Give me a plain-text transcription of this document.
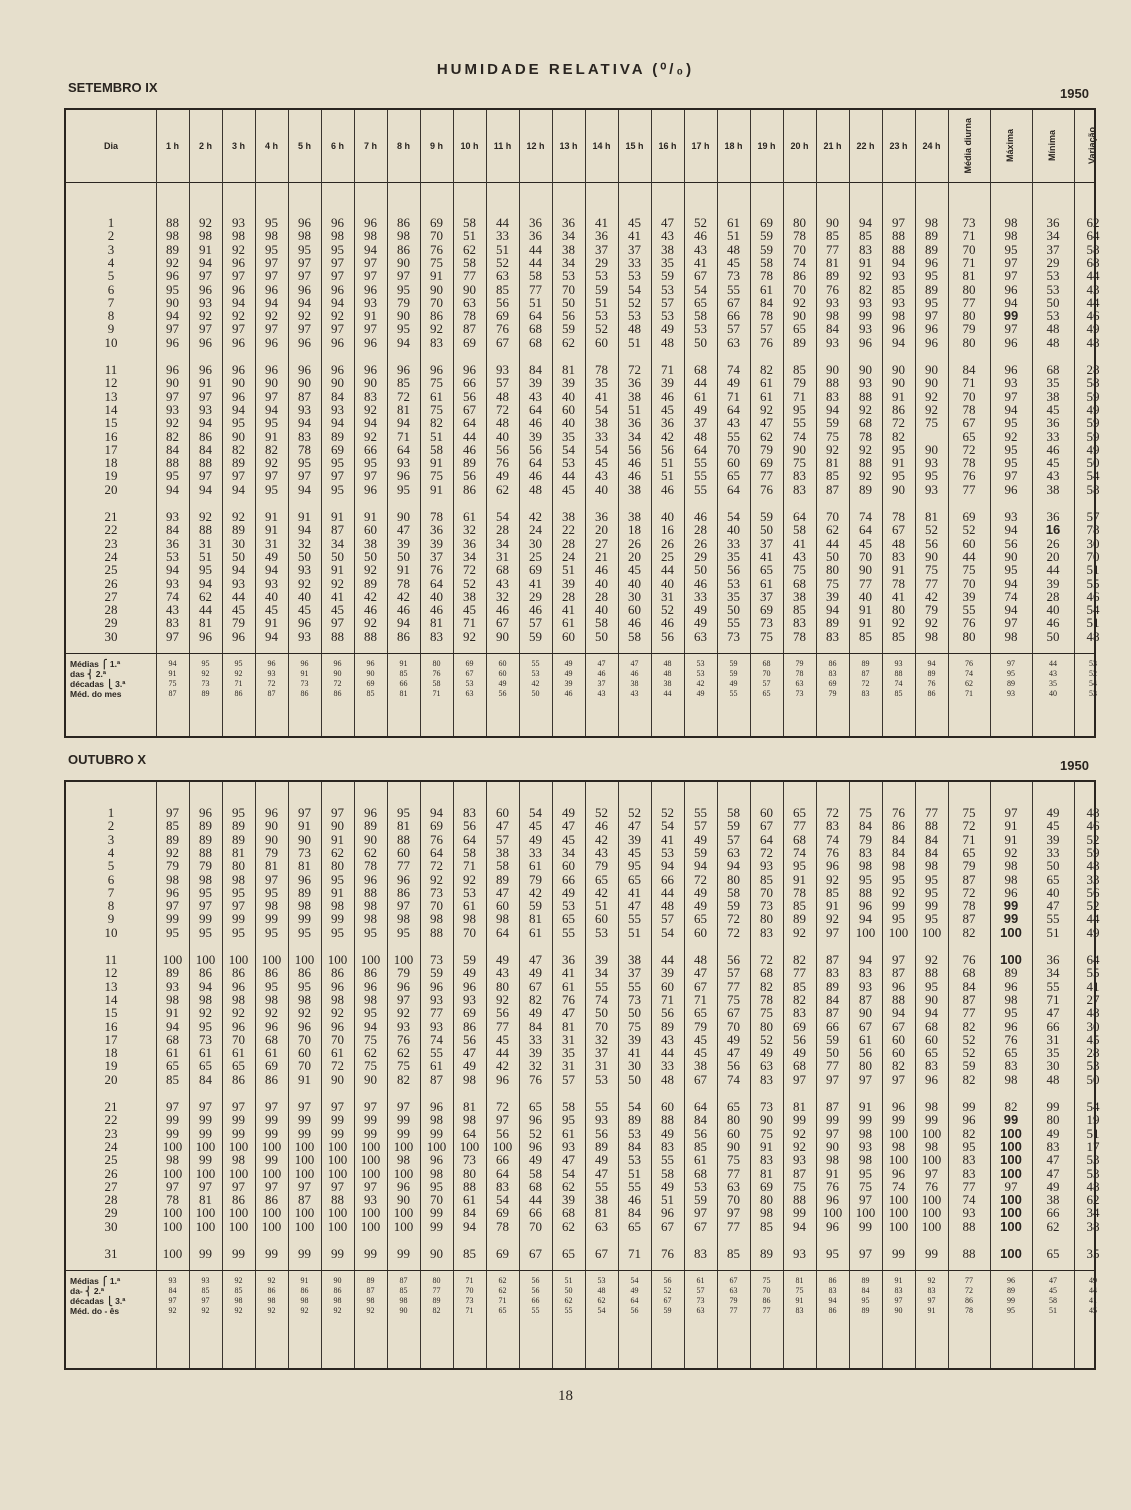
HUMIDADE RELATIVA (⁰/₀)
SETEMBRO IX	1950
Dia	1 h 2 h 3 h 4 h 5 h 6 h 7 h 8 h 9 h 10 h 11 h 12 h 13 h 14 h 15 h 16 h 17 h 18 h 19 h 20 h 21 h 22 h 23 h 24 h	Média diurna	Máxima	Mínima	Variação
1	88	92	93	95	96	96	96	86	69	58	44	36	36	41	45	47	52	61	69	80	90	94	97	98	73	98	36	62
2	98	98	98	98	98	98	98	98	70	51	33	36	34	36	41	43	46	51	59	78	85	85	88	89	71	98	34	64
3	89	91	92	95	95	95	94	86	76	62	51	44	38	37	37	38	43	48	59	70	77	83	88	89	70	95	37	58
4	92	94	96	97	97	97	97	90	75	58	52	44	34	29	33	35	41	45	58	74	81	91	94	96	71	97	29	68
5	96	97	97	97	97	97	97	97	91	77	63	58	53	53	53	59	67	73	78	86	89	92	93	95	81	97	53	44
6	95	96	96	96	96	96	96	95	90	90	85	77	70	59	54	53	54	55	61	70	76	82	85	89	80	96	53	43
7	90	93	94	94	94	94	93	79	70	63	56	51	50	51	52	57	65	67	84	92	93	93	93	95	77	94	50	44
8	94	92	92	92	92	92	91	90	86	78	69	64	56	53	53	53	58	66	78	90	98	99	98	97	80	99	53	46
9	97	97	97	97	97	97	97	95	92	87	76	68	59	52	48	49	53	57	57	65	84	93	96	96	79	97	48	49
10	96	96	96	96	96	96	96	94	83	69	67	68	62	60	51	48	50	63	76	89	93	96	94	96	80	96	48	48
11	96	96	96	96	96	96	96	96	96	96	93	84	81	78	72	71	68	74	82	85	90	90	90	90	84	96	68	28
12	90	91	90	90	90	90	90	85	75	66	57	39	39	35	36	39	44	49	61	79	88	93	90	90	71	93	35	58
13	97	97	96	97	87	84	83	72	61	56	48	43	40	41	38	46	61	71	61	71	83	88	91	92	70	97	38	59
14	93	93	94	94	93	93	92	81	75	67	72	64	60	54	51	45	49	64	92	95	94	92	86	92	78	94	45	49
15	92	94	95	95	94	94	94	94	82	64	48	46	40	38	36	36	37	43	47	55	59	68	72	75	67	95	36	59
16	82	86	90	91	83	89	92	71	51	44	40	39	35	33	34	42	48	55	62	74	75	78	82	65	92	33	59
17	84	84	82	82	78	69	66	64	58	46	56	56	54	54	56	56	64	70	79	90	92	92	95	90	72	95	46	49
18	88	88	89	92	95	95	95	93	91	89	76	64	53	45	46	51	55	60	69	75	81	88	91	93	78	95	45	50
19	95	97	97	97	97	97	97	96	75	56	49	46	44	43	46	51	55	65	77	83	85	92	95	95	76	97	43	54
20	94	94	94	95	94	95	96	95	91	86	62	48	45	40	38	46	55	64	76	83	87	89	90	93	77	96	38	58
21	93	92	92	91	91	91	91	90	78	61	54	42	38	36	38	40	46	54	59	64	70	74	78	81	69	93	36	57
22	84	88	89	91	94	87	60	47	36	32	28	24	22	20	18	16	28	40	50	58	62	64	67	52	52	94	16	78
23	36	31	30	31	32	34	38	39	39	36	34	30	28	27	26	26	26	33	37	41	44	45	48	56	60	56	26	30
24	53	51	50	49	50	50	50	50	37	34	31	25	24	21	20	25	29	35	41	43	50	70	83	90	44	90	20	70
25	94	95	94	94	93	91	92	91	76	72	68	69	51	46	45	44	50	56	65	75	80	90	91	75	75	95	44	51
26	93	94	93	93	92	92	89	78	64	52	43	41	39	40	40	40	46	53	61	68	75	77	78	77	70	94	39	55
27	74	62	44	40	40	41	42	42	40	38	32	29	28	28	30	31	33	35	37	38	39	40	41	42	39	74	28	46
28	43	44	45	45	45	45	46	46	46	45	46	46	41	40	60	52	49	50	69	85	94	91	80	79	55	94	40	54
29	83	81	79	91	96	97	92	94	81	71	67	57	61	58	46	46	49	55	73	83	89	91	92	92	76	97	46	51
30	97	96	96	94	93	88	88	86	83	92	90	59	60	50	58	56	63	73	75	78	83	85	85	98	80	98	50	48
Médias ⎧ 1.ª	94	95	95	96	96	96	96	91	80	69	60	55	49	47	47	48	53	59	68	79	86	89	93	94	76	97	44	53
das ⎨ 2.ª	91	92	92	93	91	90	90	85	76	67	60	53	49	46	46	48	53	59	70	78	83	87	88	89	74	95	43	52
décadas ⎩ 3.ª	75	73	71	72	73	72	69	66	58	53	49	42	39	37	38	38	42	49	57	63	69	72	74	76	62	89	35	54
Méd. do mes	87	89	86	87	86	86	85	81	71	63	56	50	46	43	43	44	49	55	65	73	79	83	85	86	71	93	40	53
OUTUBRO X	1950
1	97	96	95	96	97	97	96	95	94	83	60	54	49	52	52	52	55	58	60	65	72	75	76	77	75	97	49	48
2	85	89	89	90	91	90	89	81	69	56	47	45	47	46	47	54	57	59	67	77	83	84	86	88	72	91	45	46
3	89	89	89	90	90	91	90	88	76	64	57	49	45	42	39	41	49	57	64	68	74	79	84	84	71	91	39	52
4	92	88	81	79	73	62	62	60	64	58	38	33	34	43	45	53	59	63	72	74	76	83	84	84	65	92	33	59
5	79	79	80	81	81	80	78	77	72	71	58	61	60	79	95	94	94	94	93	95	96	98	98	98	79	98	50	48
6	98	98	98	97	96	95	96	96	92	92	89	79	66	65	65	66	72	80	85	91	92	95	95	95	87	98	65	33
7	96	95	95	95	89	91	88	86	73	53	47	42	49	42	41	44	49	58	70	78	85	88	92	95	72	96	40	56
8	97	97	97	98	98	98	98	97	70	61	60	59	53	51	47	48	49	59	73	85	91	96	99	99	78	99	47	52
9	99	99	99	99	99	99	98	98	98	98	98	81	65	60	55	57	65	72	80	89	92	94	95	95	87	99	55	44
10	95	95	95	95	95	95	95	95	88	70	64	61	55	53	51	54	60	72	83	92	97	100	100	100	82	100	51	49
11	100	100	100	100	100	100	100	100	73	59	49	47	36	39	38	44	48	56	72	82	87	94	97	92	76	100	36	64
12	89	86	86	86	86	86	86	79	59	49	43	49	41	34	37	39	47	57	68	77	83	83	87	88	68	89	34	55
13	93	94	96	95	95	96	96	96	96	96	80	67	61	55	55	60	67	77	82	85	89	93	96	95	84	96	55	41
14	98	98	98	98	98	98	98	97	93	93	92	82	76	74	73	71	71	75	78	82	84	87	88	90	87	98	71	27
15	91	92	92	92	92	92	95	92	77	69	56	49	47	50	50	56	65	67	75	83	87	90	94	94	77	95	47	48
16	94	95	96	96	96	96	94	93	93	86	77	84	81	70	75	89	79	70	80	69	66	67	67	68	82	96	66	30
17	68	73	70	68	70	70	75	76	74	56	45	33	31	32	39	43	45	49	52	56	59	61	60	60	52	76	31	45
18	61	61	61	61	60	61	62	62	55	47	44	39	35	37	41	44	45	47	49	49	50	56	60	65	52	65	35	28
19	65	65	65	69	70	72	75	75	61	49	42	32	31	31	30	33	38	56	63	68	77	80	82	83	59	83	30	53
20	85	84	86	86	91	90	90	82	87	98	96	76	57	53	50	48	67	74	83	97	97	97	97	96	82	98	48	50
21	97	97	97	97	97	97	97	97	96	81	72	65	58	55	54	60	64	65	73	81	87	91	96	98	99	82	99	54
22	99	99	99	99	99	99	99	99	98	98	97	96	95	93	89	88	84	80	90	99	99	99	99	99	96	99	80	19
23	99	99	99	99	99	99	99	99	99	64	56	52	61	56	53	49	56	60	75	92	97	98	100	100	82	100	49	51
24	100	100	100	100	100	100	100	100	100	100	100	96	93	89	84	83	85	90	91	92	90	93	98	98	95	100	83	17
25	98	99	98	99	100	100	100	98	96	73	66	49	47	49	53	55	61	75	83	93	98	98	100	100	83	100	47	53
26	100	100	100	100	100	100	100	100	98	80	64	58	54	47	51	58	68	77	81	87	91	95	96	97	83	100	47	53
27	97	97	97	97	97	97	97	96	95	88	83	68	62	55	55	49	53	63	69	75	76	75	74	76	77	97	49	48
28	78	81	86	86	87	88	93	90	70	61	54	44	39	38	46	51	59	70	80	88	96	97	100	100	74	100	38	62
29	100	100	100	100	100	100	100	100	99	84	69	66	68	81	84	96	97	97	98	99	100	100	100	100	93	100	66	34
30	100	100	100	100	100	100	100	100	99	94	78	70	62	63	65	67	67	77	85	94	96	99	100	100	88	100	62	38
31	100	99	99	99	99	99	99	99	90	85	69	67	65	67	71	76	83	85	89	93	95	97	99	99	88	100	65	35
Médias ⎧ 1.ª	93	93	92	92	91	90	89	87	80	71	62	56	51	53	54	56	61	67	75	81	86	89	91	92	77	96	47	49
da- ⎨ 2.ª	84	85	85	86	86	86	87	85	77	70	62	56	50	48	49	52	57	63	70	75	83	84	83	83	72	89	45	44
décadas ⎩ 3.ª	97	97	98	98	98	98	98	98	89	73	71	66	62	62	64	67	73	79	86	91	94	95	97	97	86	99	58	41
Méd. do - ês	92	92	92	92	92	92	92	90	82	71	65	55	55	54	56	59	63	77	77	83	86	89	90	91	78	95	51	45
18
